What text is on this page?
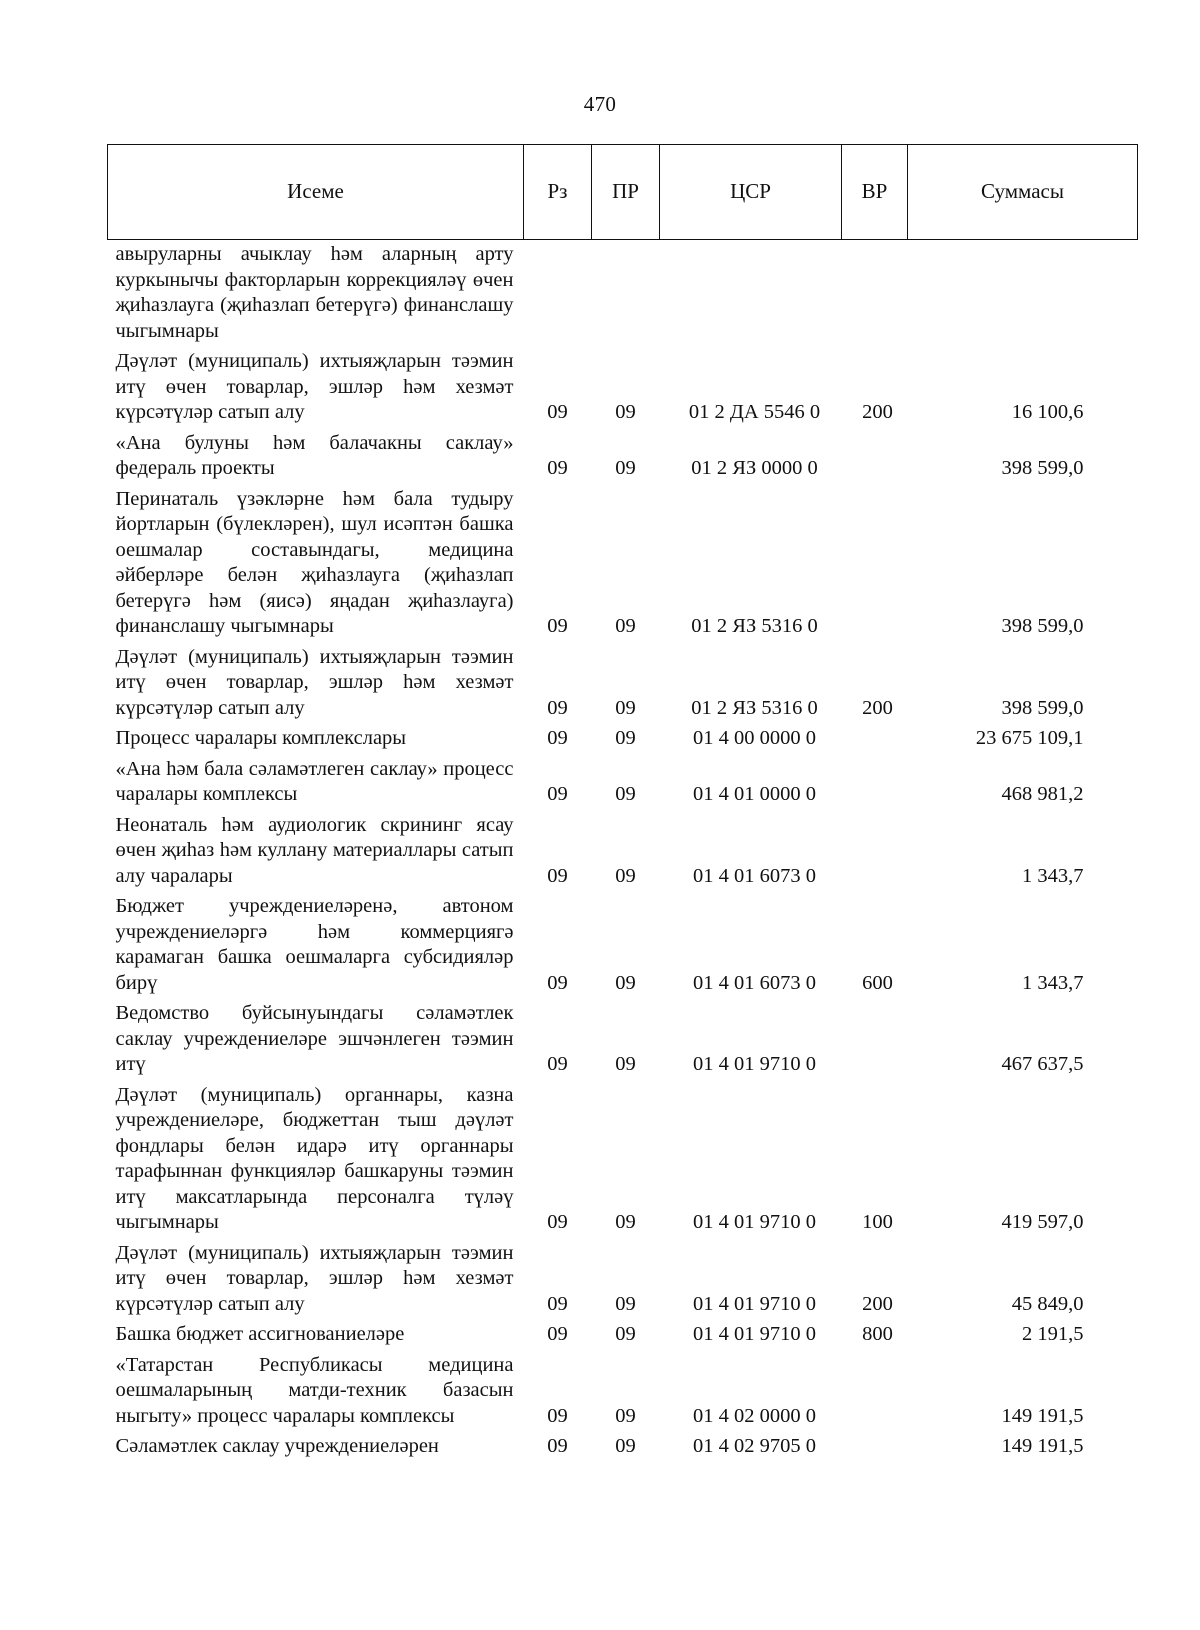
470
Исеме	Рз	ПР	ЦСР	ВР	Суммасы
авыруларны ачыклау һәм аларның арту куркынычы факторларын коррекцияләү өчен җиһазлауга (җиһазлап бетерүгә) финанслашу чыгымнары					
Дәүләт (муниципаль) ихтыяҗларын тәэмин итү өчен товарлар, эшләр һәм хезмәт күрсәтүләр сатып алу	09	09	01 2 ДА 5546 0	200	16 100,6
«Ана булуны һәм балачакны саклау» федераль проекты	09	09	01 2 ЯЗ 0000 0		398 599,0
Перинаталь үзәкләрне һәм бала тудыру йортларын (бүлекләрен), шул исәптән башка оешмалар составындагы, медицина әйберләре белән җиһазлауга (җиһазлап бетерүгә һәм (яисә) яңадан җиһазлауга) финанслашу чыгымнары	09	09	01 2 ЯЗ 5316 0		398 599,0
Дәүләт (муниципаль) ихтыяҗларын тәэмин итү өчен товарлар, эшләр һәм хезмәт күрсәтүләр сатып алу	09	09	01 2 ЯЗ 5316 0	200	398 599,0
Процесс чаралары комплекслары	09	09	01 4 00 0000 0		23 675 109,1
«Ана һәм бала сәламәтлеген саклау» процесс чаралары комплексы	09	09	01 4 01 0000 0		468 981,2
Неонаталь һәм аудиологик скрининг ясау өчен җиһаз һәм куллану материаллары сатып алу чаралары	09	09	01 4 01 6073 0		1 343,7
Бюджет учреждениеләренә, автоном учреждениеләргә һәм коммерциягә карамаган башка оешмаларга субсидияләр бирү	09	09	01 4 01 6073 0	600	1 343,7
Ведомство буйсынуындагы сәламәтлек саклау учреждениеләре эшчәнлеген тәэмин итү	09	09	01 4 01 9710 0		467 637,5
Дәүләт (муниципаль) органнары, казна учреждениеләре, бюджеттан тыш дәүләт фондлары белән идарә итү органнары тарафыннан функцияләр башкаруны тәэмин итү максатларында персоналга түләү чыгымнары	09	09	01 4 01 9710 0	100	419 597,0
Дәүләт (муниципаль) ихтыяҗларын тәэмин итү өчен товарлар, эшләр һәм хезмәт күрсәтүләр сатып алу	09	09	01 4 01 9710 0	200	45 849,0
Башка бюджет ассигнованиеләре	09	09	01 4 01 9710 0	800	2 191,5
«Татарстан Республикасы медицина оешмаларының матди-техник базасын ныгыту» процесс чаралары комплексы	09	09	01 4 02 0000 0		149 191,5
Сәламәтлек саклау учреждениеләрен	09	09	01 4 02 9705 0		149 191,5
